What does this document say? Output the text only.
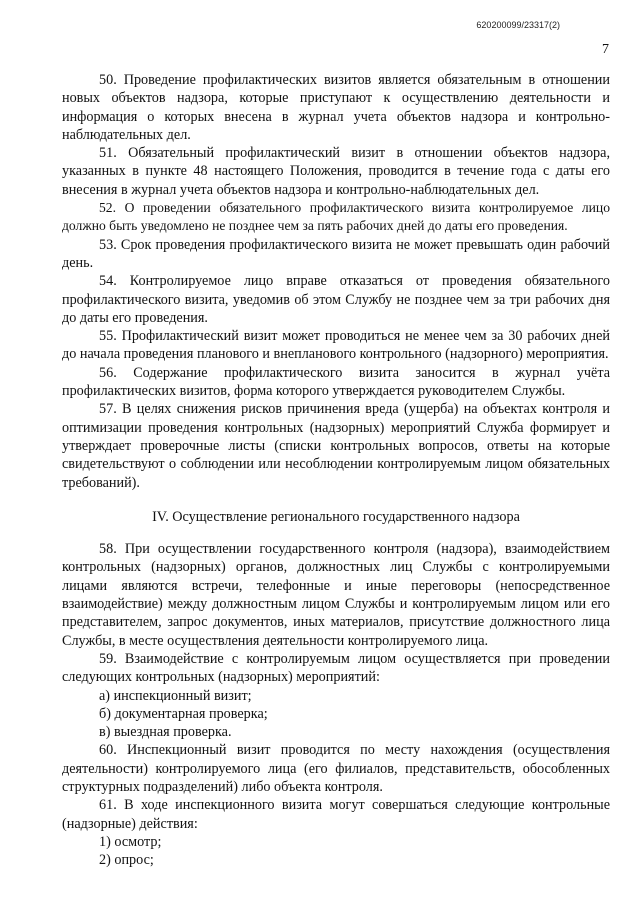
620200099/23317(2)
7

50. Проведение профилактических визитов является обязательным в отношении новых объектов надзора, которые приступают к осуществлению деятельности и информация о которых внесена в журнал учета объектов надзора и контрольно-наблюдательных дел.

51. Обязательный профилактический визит в отношении объектов надзора, указанных в пункте 48 настоящего Положения, проводится в течение года с даты его внесения в журнал учета объектов надзора и контрольно-наблюдательных дел.

52. О проведении обязательного профилактического визита контролируемое лицо должно быть уведомлено не позднее чем за пять рабочих дней до даты его проведения.

53. Срок проведения профилактического визита не может превышать один рабочий день.

54. Контролируемое лицо вправе отказаться от проведения обязательного профилактического визита, уведомив об этом Службу не позднее чем за три рабочих дня до даты его проведения.

55. Профилактический визит может проводиться не менее чем за 30 рабочих дней до начала проведения планового и внепланового контрольного (надзорного) мероприятия.

56. Содержание профилактического визита заносится в журнал учёта профилактических визитов, форма которого утверждается руководителем Службы.

57. В целях снижения рисков причинения вреда (ущерба) на объектах контроля и оптимизации проведения контрольных (надзорных) мероприятий Служба формирует и утверждает проверочные листы (списки контрольных вопросов, ответы на которые свидетельствуют о соблюдении или несоблюдении контролируемым лицом обязательных требований).

IV. Осуществление регионального государственного надзора

58. При осуществлении государственного контроля (надзора), взаимодействием контрольных (надзорных) органов, должностных лиц Службы с контролируемыми лицами являются встречи, телефонные и иные переговоры (непосредственное взаимодействие) между должностным лицом Службы и контролируемым лицом или его представителем, запрос документов, иных материалов, присутствие должностного лица Службы, в месте осуществления деятельности контролируемого лица.

59. Взаимодействие с контролируемым лицом осуществляется при проведении следующих контрольных (надзорных) мероприятий:

а) инспекционный визит;

б) документарная проверка;

в) выездная проверка.

60. Инспекционный визит проводится по месту нахождения (осуществления деятельности) контролируемого лица (его филиалов, представительств, обособленных структурных подразделений) либо объекта контроля.

61. В ходе инспекционного визита могут совершаться следующие контрольные (надзорные) действия:

1) осмотр;

2) опрос;
